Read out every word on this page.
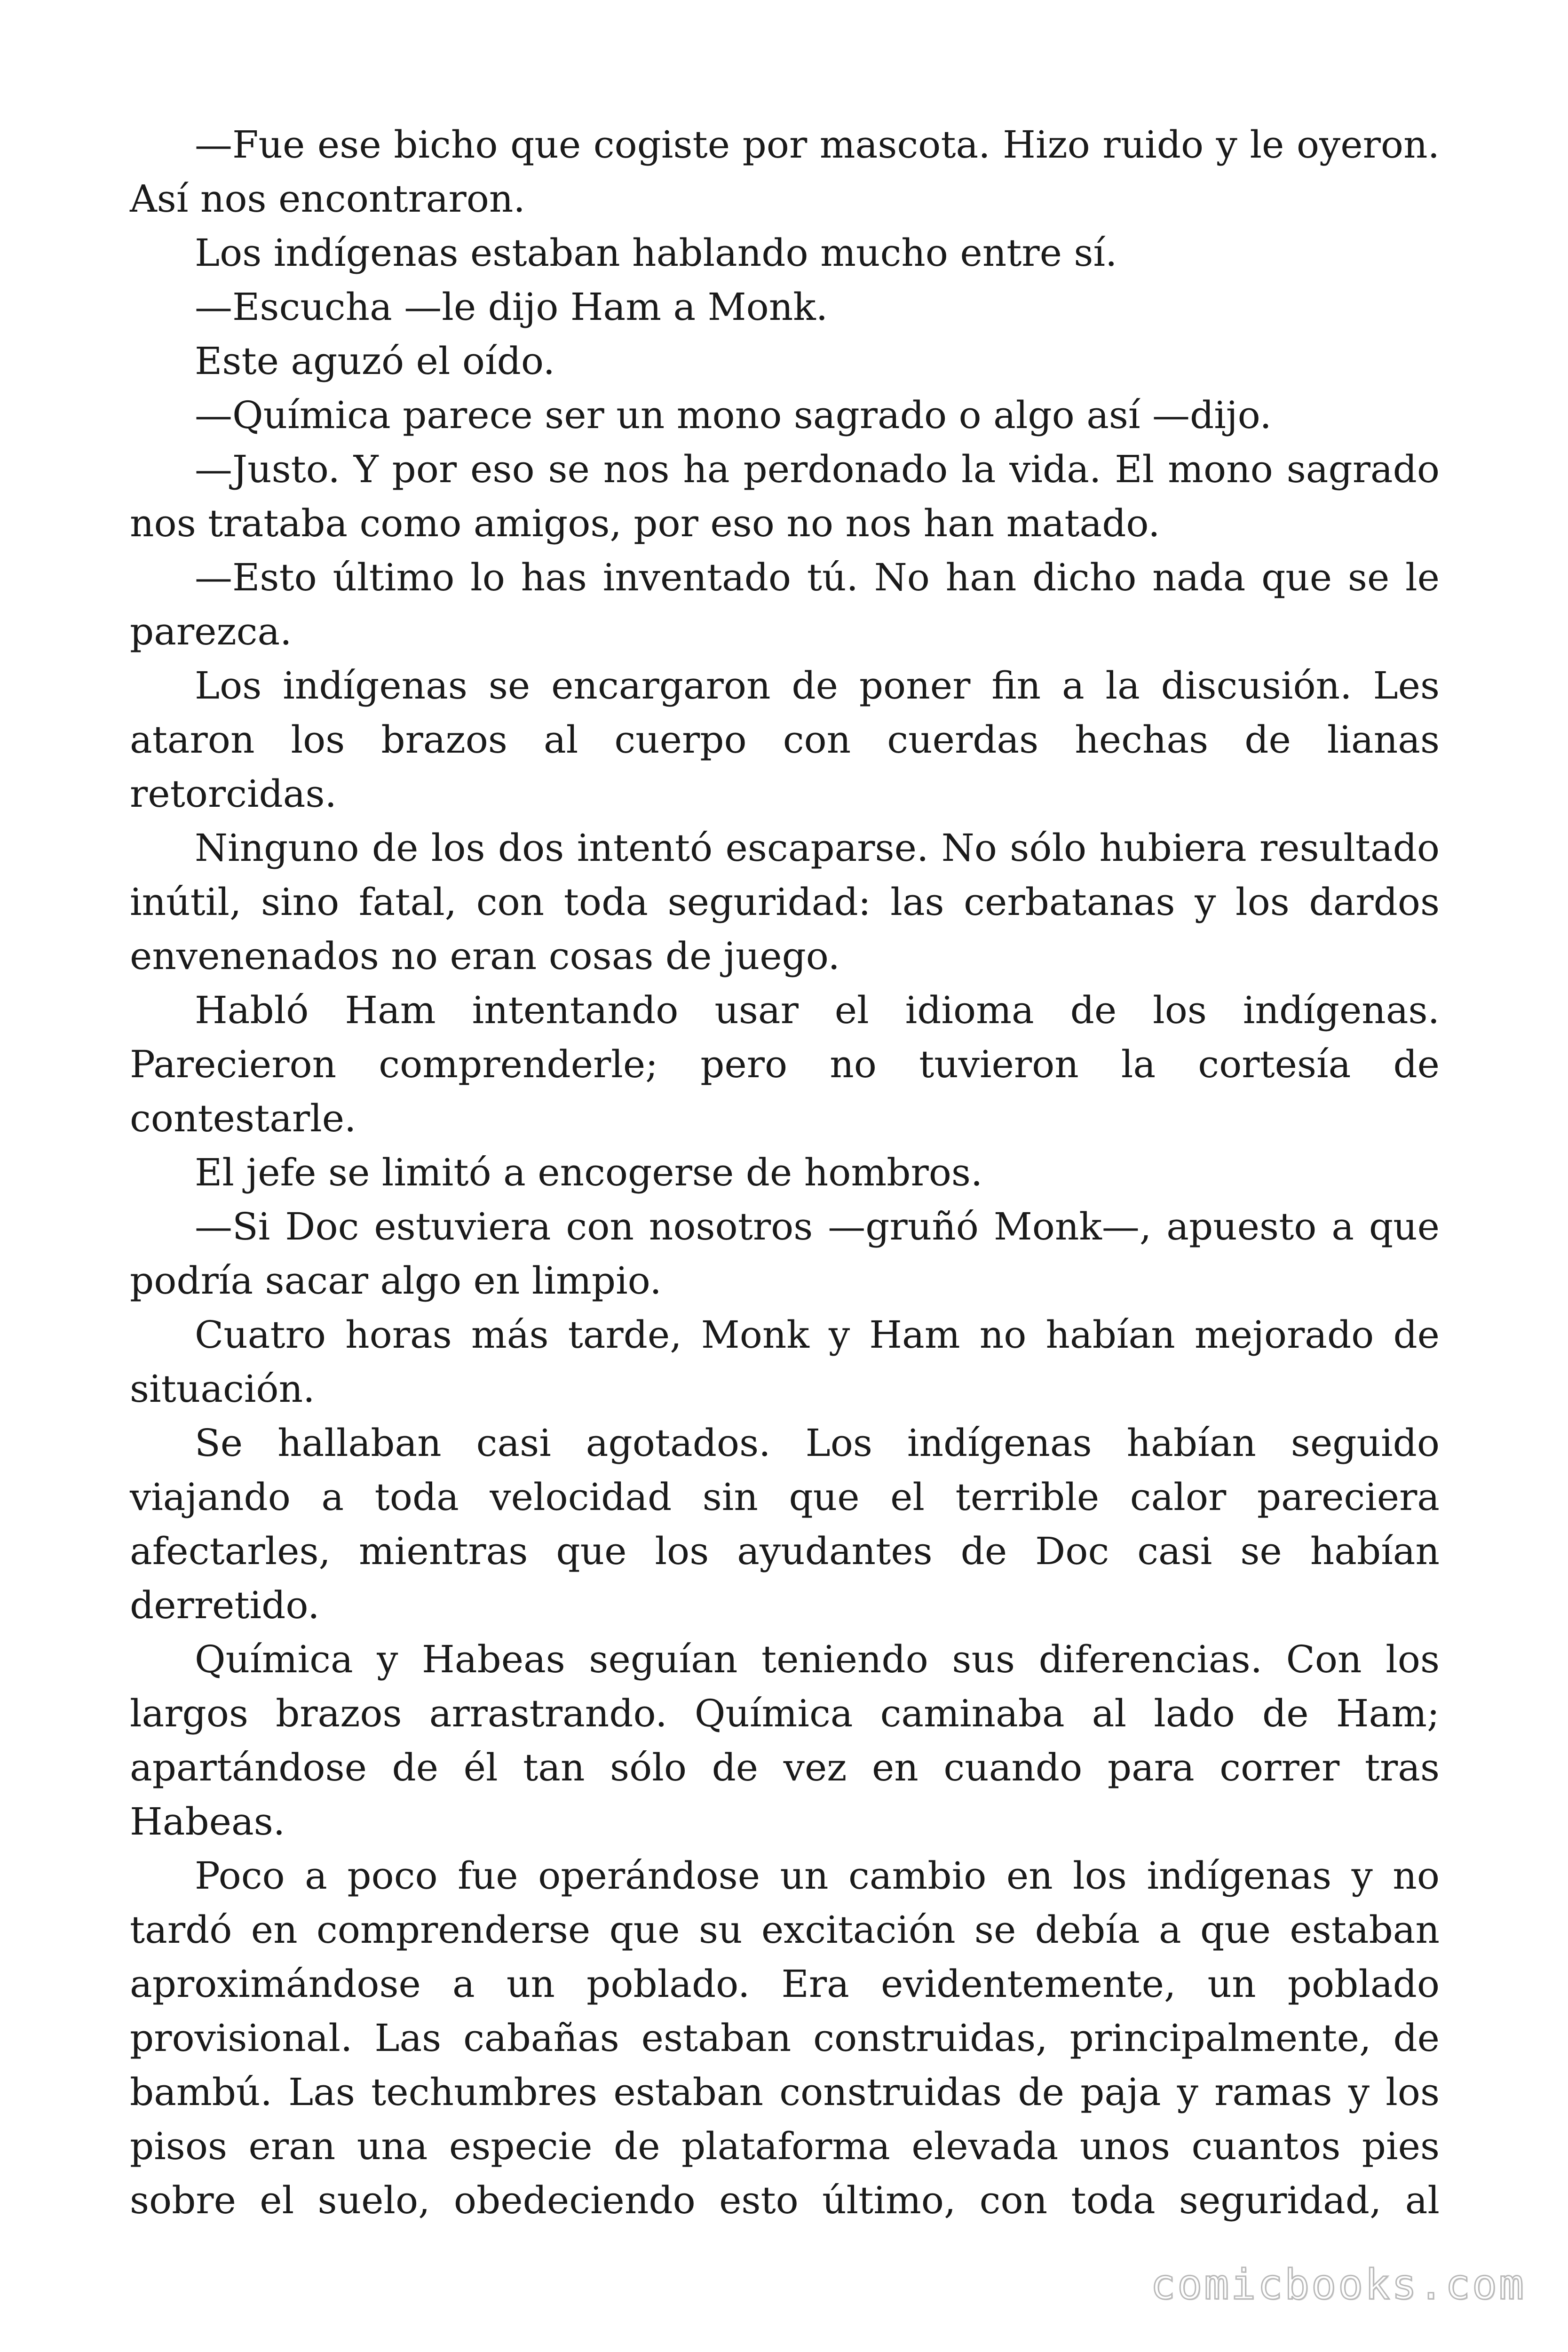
—Fue ese bicho que cogiste por mascota. Hizo ruido y le oyeron. Así nos encontraron.

Los indígenas estaban hablando mucho entre sí.

—Escucha —le dijo Ham a Monk.

Este aguzó el oído.

—Química parece ser un mono sagrado o algo así —dijo.

—Justo. Y por eso se nos ha perdonado la vida. El mono sagrado nos trataba como amigos, por eso no nos han matado.

—Esto último lo has inventado tú. No han dicho nada que se le parezca.

Los indígenas se encargaron de poner fin a la discusión. Les ataron los brazos al cuerpo con cuerdas hechas de lianas retorcidas.

Ninguno de los dos intentó escaparse. No sólo hubiera resultado inútil, sino fatal, con toda seguridad: las cerbatanas y los dardos envenenados no eran cosas de juego.

Habló Ham intentando usar el idioma de los indígenas. Parecieron comprenderle; pero no tuvieron la cortesía de contestarle.

El jefe se limitó a encogerse de hombros.

—Si Doc estuviera con nosotros —gruñó Monk—, apuesto a que podría sacar algo en limpio.

Cuatro horas más tarde, Monk y Ham no habían mejorado de situación.

Se hallaban casi agotados. Los indígenas habían seguido viajando a toda velocidad sin que el terrible calor pareciera afectarles, mientras que los ayudantes de Doc casi se habían derretido.

Química y Habeas seguían teniendo sus diferencias. Con los largos brazos arrastrando. Química caminaba al lado de Ham; apartándose de él tan sólo de vez en cuando para correr tras Habeas.

Poco a poco fue operándose un cambio en los indígenas y no tardó en comprenderse que su excitación se debía a que estaban aproximándose a un poblado. Era evidentemente, un poblado provisional. Las cabañas estaban construidas, principalmente, de bambú. Las techumbres estaban construidas de paja y ramas y los pisos eran una especie de plataforma elevada unos cuantos pies sobre el suelo, obedeciendo esto último, con toda seguridad, al

comicbooks.com
